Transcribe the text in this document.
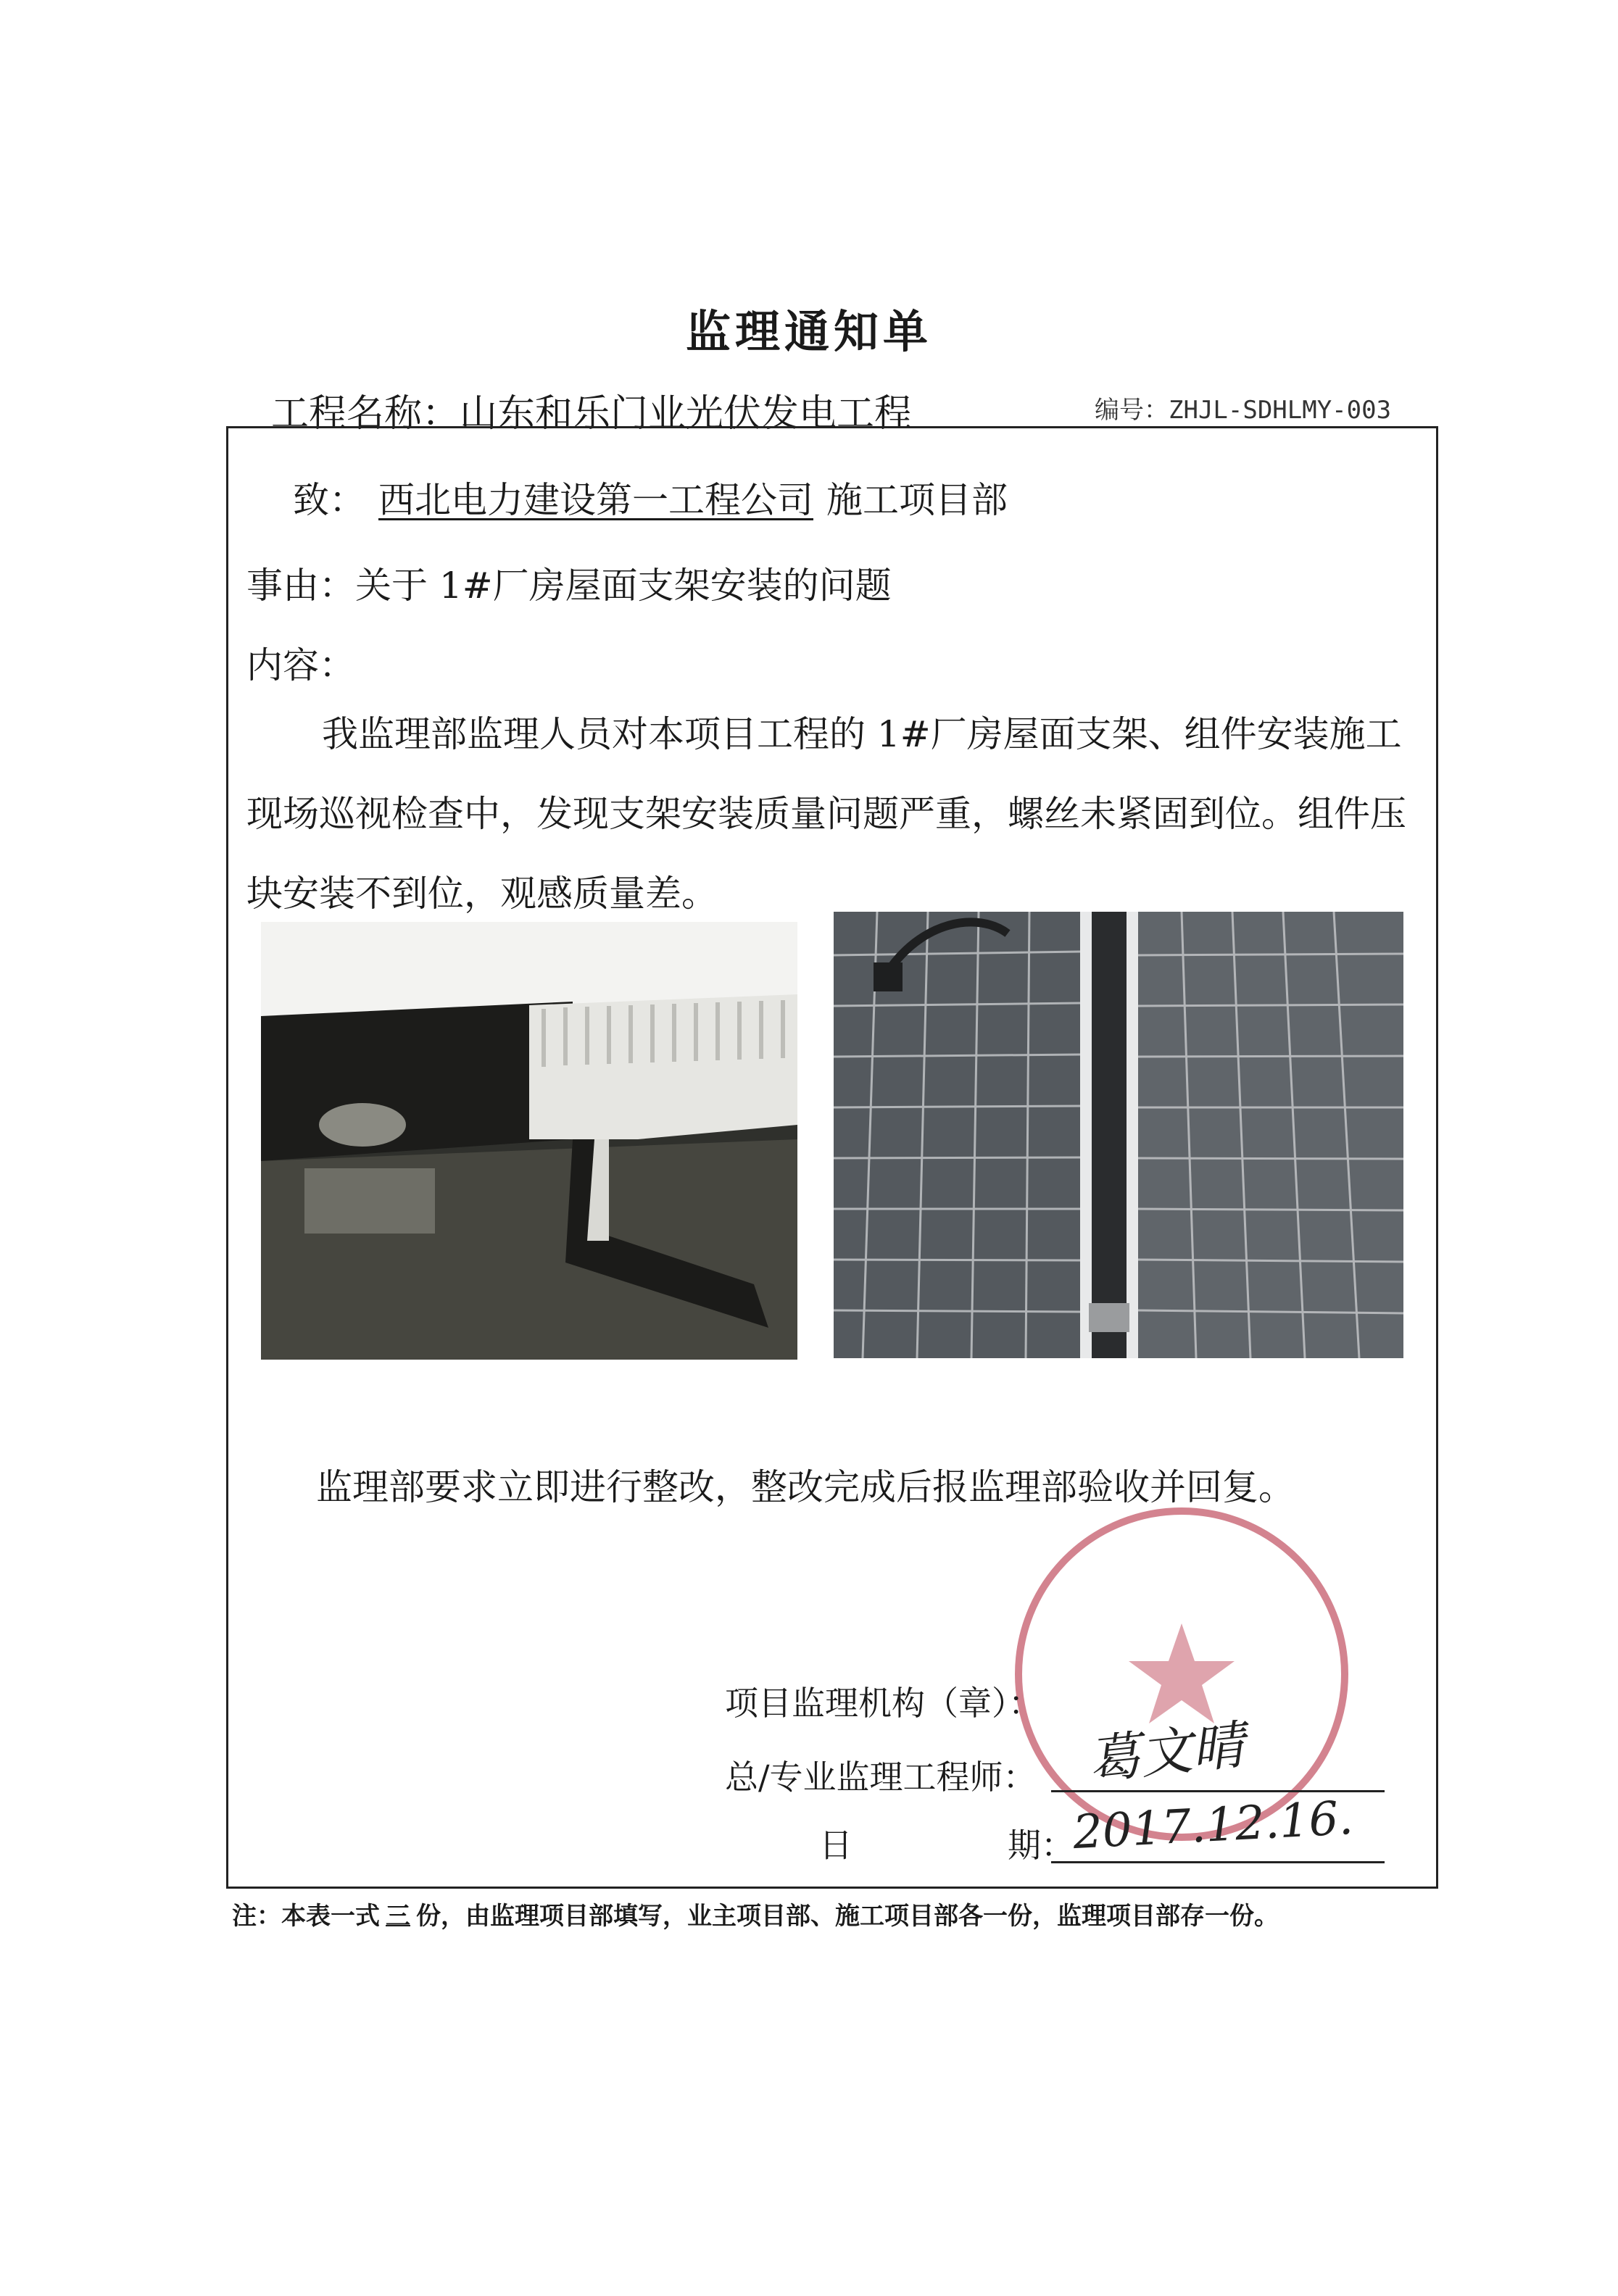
监理通知单
工程名称：山东和乐门业光伏发电工程	编号：ZHJL-SDHLMY-003
致： 西北电力建设第一工程公司 施工项目部
事由：关于 1#厂房屋面支架安装的问题
内容：
我监理部监理人员对本项目工程的 1#厂房屋面支架、组件安装施工现场巡视检查中，发现支架安装质量问题严重，螺丝未紧固到位。组件压块安装不到位，观感质量差。
监理部要求立即进行整改，整改完成后报监理部验收并回复。
项目监理机构（章）：
总/专业监理工程师： 葛文晴
日	期：
2017.12.16.
注：本表一式 三 份，由监理项目部填写，业主项目部、施工项目部各一份，监理项目部存一份。
